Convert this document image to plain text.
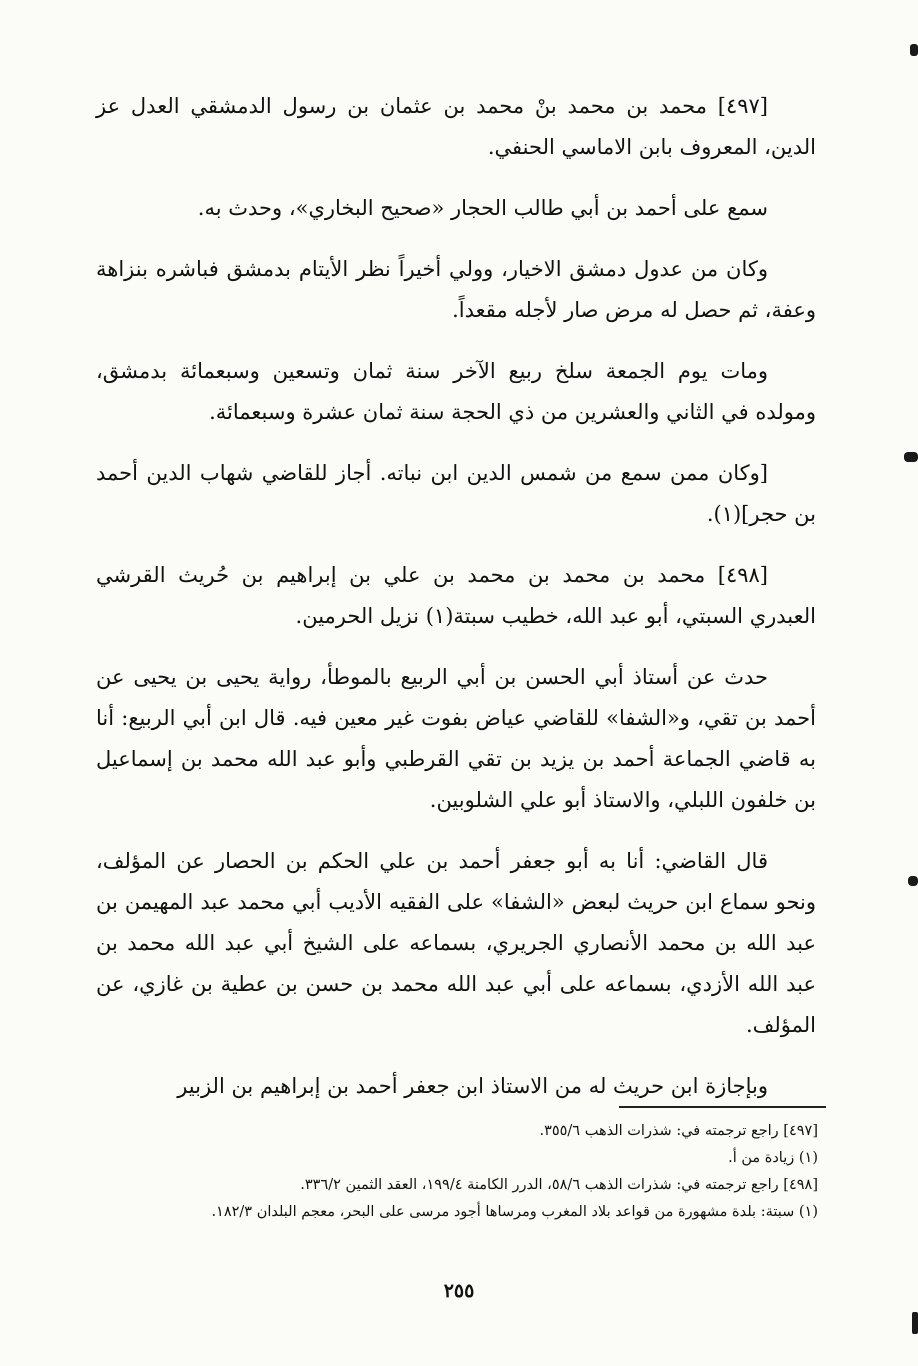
[٤٩٧] محمد بن محمد بنْ محمد بن عثمان بن رسول الدمشقي العدل عز الدين، المعروف بابن الاماسي الحنفي.

سمع على أحمد بن أبي طالب الحجار «صحيح البخاري»، وحدث به.

وكان من عدول دمشق الاخيار، وولي أخيراً نظر الأيتام بدمشق فباشره بنزاهة وعفة، ثم حصل له مرض صار لأجله مقعداً.

ومات يوم الجمعة سلخ ربيع الآخر سنة ثمان وتسعين وسبعمائة بدمشق، ومولده في الثاني والعشرين من ذي الحجة سنة ثمان عشرة وسبعمائة.

[وكان ممن سمع من شمس الدين ابن نباته. أجاز للقاضي شهاب الدين أحمد بن حجر](١).

[٤٩٨] محمد بن محمد بن محمد بن علي بن إبراهيم بن حُريث القرشي العبدري السبتي، أبو عبد الله، خطيب سبتة(١) نزيل الحرمين.

حدث عن أستاذ أبي الحسن بن أبي الربيع بالموطأ، رواية يحيى بن يحيى عن أحمد بن تقي، و«الشفا» للقاضي عياض بفوت غير معين فيه. قال ابن أبي الربيع: أنا به قاضي الجماعة أحمد بن يزيد بن تقي القرطبي وأبو عبد الله محمد بن إسماعيل بن خلفون اللبلي، والاستاذ أبو علي الشلوبين.

قال القاضي: أنا به أبو جعفر أحمد بن علي الحكم بن الحصار عن المؤلف، ونحو سماع ابن حريث لبعض «الشفا» على الفقيه الأديب أبي محمد عبد المهيمن بن عبد الله بن محمد الأنصاري الجريري، بسماعه على الشيخ أبي عبد الله محمد بن عبد الله الأزدي، بسماعه على أبي عبد الله محمد بن حسن بن عطية بن غازي، عن المؤلف.

وبإجازة ابن حريث له من الاستاذ ابن جعفر أحمد بن إبراهيم بن الزبير

[٤٩٧] راجع ترجمته في: شذرات الذهب ٣٥٥/٦.
(١) زيادة من أ.
[٤٩٨] راجع ترجمته في: شذرات الذهب ٥٨/٦، الدرر الكامنة ١٩٩/٤، العقد الثمين ٣٣٦/٢.
(١) سبتة: بلدة مشهورة من قواعد بلاد المغرب ومرساها أجود مرسى على البحر، معجم البلدان ١٨٢/٣.
٢٥٥
